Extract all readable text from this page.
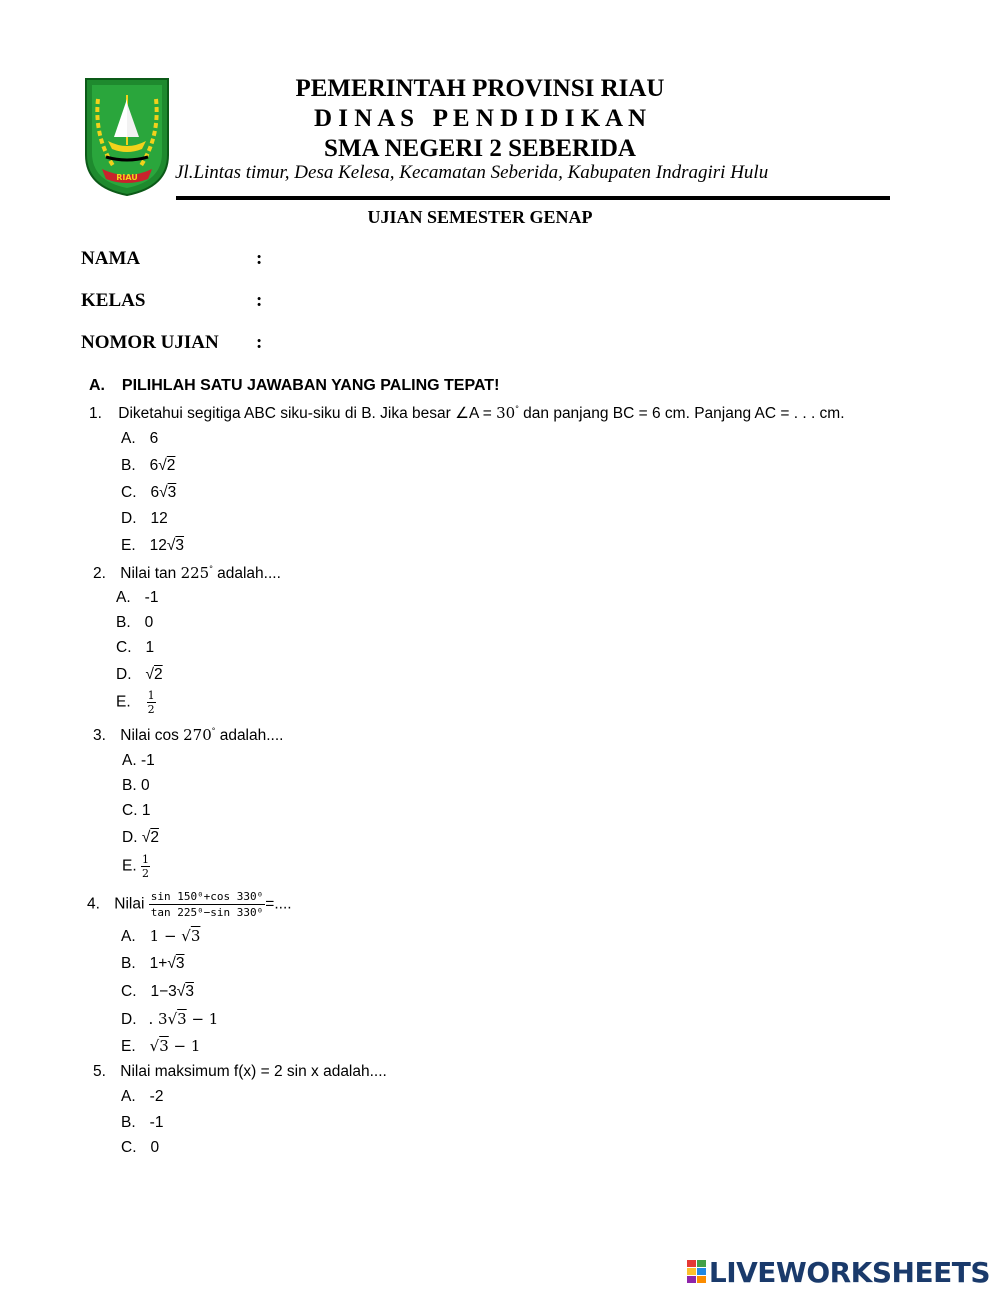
RIAU
PEMERINTAH PROVINSI RIAU
D I N A S   P E N D I D I K A N
SMA NEGERI 2 SEBERIDA
Jl.Lintas timur, Desa Kelesa, Kecamatan Seberida, Kabupaten Indragiri Hulu
UJIAN SEMESTER GENAP
NAMA	:
KELAS	:
NOMOR UJIAN :
A. PILIHLAH SATU JAWABAN YANG PALING TEPAT!
1. Diketahui segitiga ABC siku-siku di B. Jika besar ∠A = 30° dan panjang BC = 6 cm. Panjang AC = . . . cm.
A. 6
B. 6√2
C. 6√3
D. 12
E. 12√3
2. Nilai tan 225° adalah....
A. -1
B. 0
C. 1
D. √2
E. $\frac{1}{2}$
3. Nilai cos 270° adalah....
A. -1
B. 0
C. 1
D. √2
E. $\frac{1}{2}$
4. Nilai $\frac{\text{sin 150⁰+cos 330⁰}}{\text{tan 225⁰−sin 330⁰}}$ =....
A. 1 − √3
B. 1+√3
C. 1−3√3
D. . 3√3 − 1
E. √3 − 1
5. Nilai maksimum f(x) = 2 sin x adalah....
A. -2
B. -1
C. 0
LIVEWORKSHEETS
